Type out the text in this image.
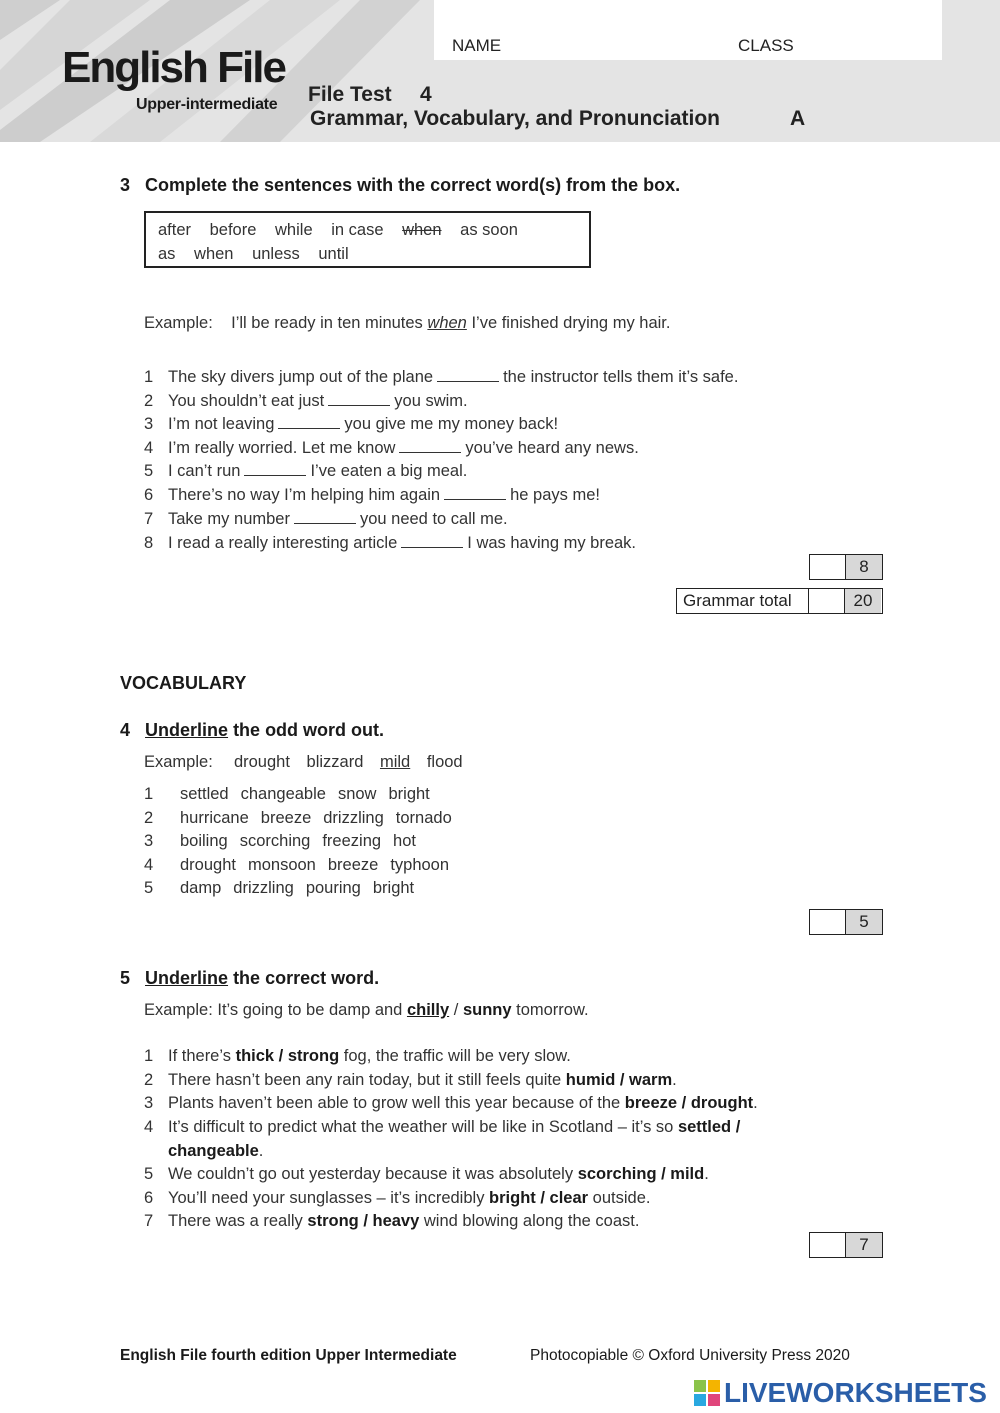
English File
Upper-intermediate
NAME	CLASS
File Test 4
Grammar, Vocabulary, and Pronunciation	A
3 Complete the sentences with the correct word(s) from the box.
after before while in case when as soon
as when unless until
Example: I’ll be ready in ten minutes when I’ve finished drying my hair.
1 The sky divers jump out of the plane	the instructor tells them it’s safe.
2 You shouldn’t eat just	you swim.
3 I’m not leaving	you give me my money back!
4 I’m really worried. Let me know	you’ve heard any news.
5 I can’t run	I’ve eaten a big meal.
6 There’s no way I’m helping him again	he pays me!
7 Take my number	you need to call me.
8 I read a really interesting article	I was having my break.
8
Grammar total	20
VOCABULARY
4 Underline the odd word out.
Example: drought blizzard mild flood
1 settled changeable snow bright
2 hurricane breeze drizzling tornado
3 boiling scorching freezing hot
4 drought monsoon breeze typhoon
5 damp drizzling pouring bright
5
5 Underline the correct word.
Example: It’s going to be damp and chilly / sunny tomorrow.
1 If there’s thick / strong fog, the traffic will be very slow.
2 There hasn’t been any rain today, but it still feels quite humid / warm.
3 Plants haven’t been able to grow well this year because of the breeze / drought.
4 It’s difficult to predict what the weather will be like in Scotland – it’s so settled /
changeable.
5 We couldn’t go out yesterday because it was absolutely scorching / mild.
6 You’ll need your sunglasses – it’s incredibly bright / clear outside.
7 There was a really strong / heavy wind blowing along the coast.
7
English File fourth edition Upper Intermediate	Photocopiable © Oxford University Press 2020
LIVEWORKSHEETS
